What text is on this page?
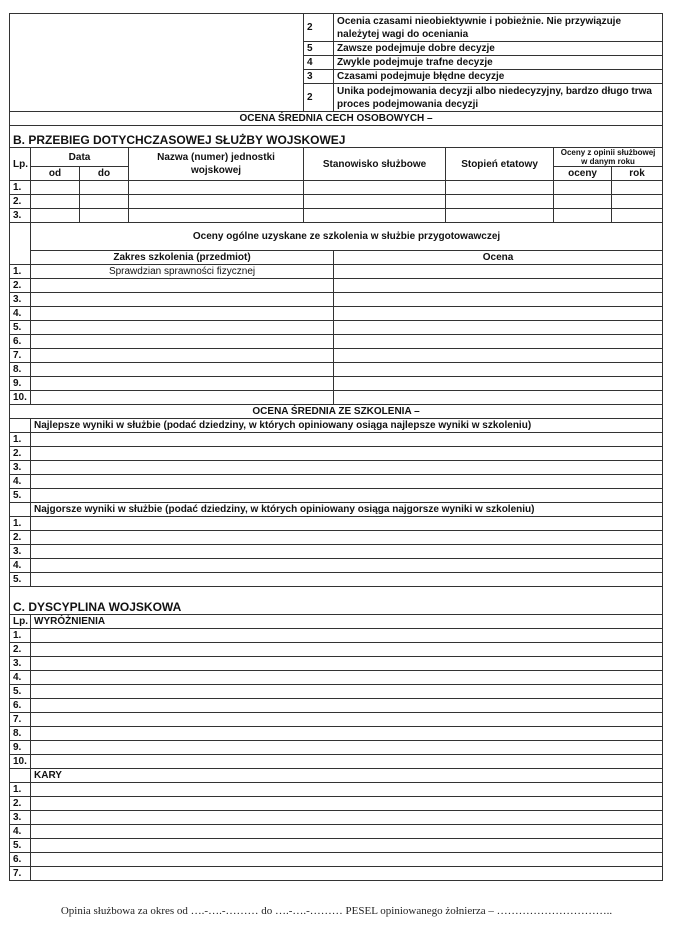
				2	Ocenia czasami nieobiektywnie i pobieżnie. Nie przywiązuje należytej wagi do oceniania			
				5	Zawsze podejmuje dobre decyzje			
				4	Zwykle podejmuje trafne decyzje			
				3	Czasami podejmuje błędne decyzje			
				2	Unika podejmowania decyzji albo niedecyzyjny, bardzo długo trwa proces podejmowania decyzji			
OCENA ŚREDNIA CECH OSOBOWYCH –								
B. PRZEBIEG DOTYCHCZASOWEJ SŁUŻBY WOJSKOWEJ								
Lp.	Data		Nazwa (numer) jednostki wojskowej	Stanowisko służbowe		Stopień etatowy	Oceny z opinii służbowej w danym roku	
	od	do					oceny	rok
1.								
2.								
3.								
	Oceny ogólne uzyskane ze szkolenia w służbie przygotowawczej							
	Zakres szkolenia (przedmiot)				Ocena			
1.	Sprawdzian sprawności fizycznej							
2.								
3.								
4.								
5.								
6.								
7.								
8.								
9.								
10.								
OCENA ŚREDNIA ZE SZKOLENIA –								
	Najlepsze wyniki w służbie (podać dziedziny, w których opiniowany osiąga najlepsze wyniki w szkoleniu)							
1.								
2.								
3.								
4.								
5.								
	Najgorsze wyniki w służbie (podać dziedziny, w których opiniowany osiąga najgorsze wyniki w szkoleniu)							
1.								
2.								
3.								
4.								
5.								
C. DYSCYPLINA WOJSKOWA								
Lp.	WYRÓŻNIENIA							
1.								
2.								
3.								
4.								
5.								
6.								
7.								
8.								
9.								
10.								
	KARY							
1.								
2.								
3.								
4.								
5.								
6.								
7.								
Opinia służbowa za okres od ….-….-……… do ….-….-……… PESEL opiniowanego żołnierza – …………………………..
